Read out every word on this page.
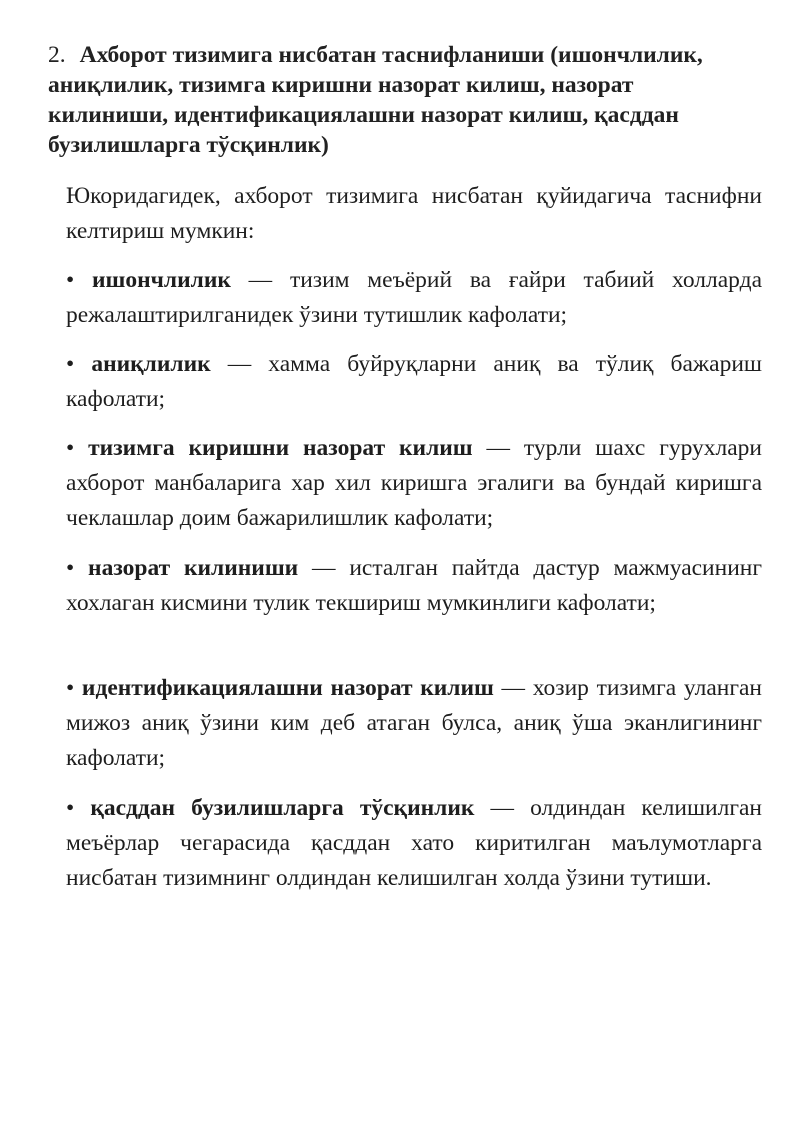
2. Ахборот тизимига нисбатан таснифланиши (ишончлилик, аниқлилик, тизимга киришни назорат килиш, назорат килиниши, идентификациялашни назорат килиш, қасддан бузилишларга тўсқинлик)

Юкоридагидек, ахборот тизимига нисбатан қуйидагича таснифни келтириш мумкин:

• ишончлилик — тизим меъёрий ва ғайри табиий холларда режалаштирилганидек ўзини тутишлик кафолати;

• аниқлилик — хамма буйруқларни аниқ ва тўлиқ бажариш кафолати;

• тизимга киришни назорат килиш — турли шахс гурухлари ахборот манбаларига хар хил киришга эгалиги ва бундай киришга чеклашлар доим бажарилишлик кафолати;

• назорат килиниши — исталган пайтда дастур мажмуасининг хохлаган кисмини тулик текшириш мумкинлиги кафолати;

• идентификациялашни назорат килиш — хозир тизимга уланган мижоз аниқ ўзини ким деб атаган булса, аниқ ўша эканлигининг кафолати;

• қасддан бузилишларга тўсқинлик — олдиндан келишилган меъёрлар чегарасида қасддан хато киритилган маълумотларга нисбатан тизимнинг олдиндан келишилган холда ўзини тутиши.
